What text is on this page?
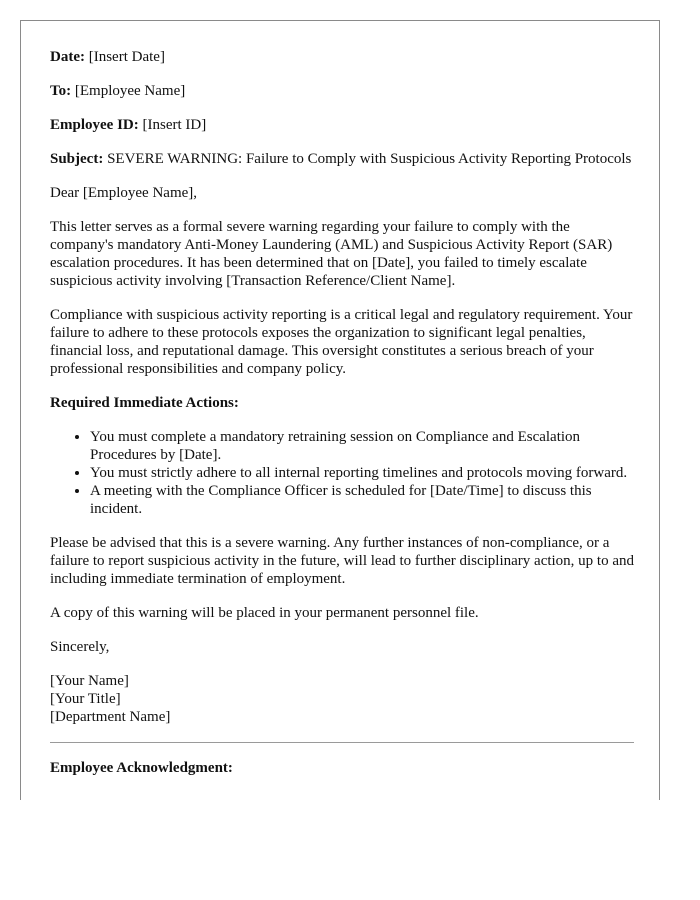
Date: [Insert Date]

To: [Employee Name]

Employee ID: [Insert ID]

Subject: SEVERE WARNING: Failure to Comply with Suspicious Activity Reporting Protocols

Dear [Employee Name],

This letter serves as a formal severe warning regarding your failure to comply with the company's mandatory Anti-Money Laundering (AML) and Suspicious Activity Report (SAR) escalation procedures. It has been determined that on [Date], you failed to timely escalate suspicious activity involving [Transaction Reference/Client Name].

Compliance with suspicious activity reporting is a critical legal and regulatory requirement. Your failure to adhere to these protocols exposes the organization to significant legal penalties, financial loss, and reputational damage. This oversight constitutes a serious breach of your professional responsibilities and company policy.

Required Immediate Actions:
• You must complete a mandatory retraining session on Compliance and Escalation Procedures by [Date].
• You must strictly adhere to all internal reporting timelines and protocols moving forward.
• A meeting with the Compliance Officer is scheduled for [Date/Time] to discuss this incident.

Please be advised that this is a severe warning. Any further instances of non-compliance, or a failure to report suspicious activity in the future, will lead to further disciplinary action, up to and including immediate termination of employment.

A copy of this warning will be placed in your permanent personnel file.

Sincerely,

[Your Name]
[Your Title]
[Department Name]
Employee Acknowledgment:
